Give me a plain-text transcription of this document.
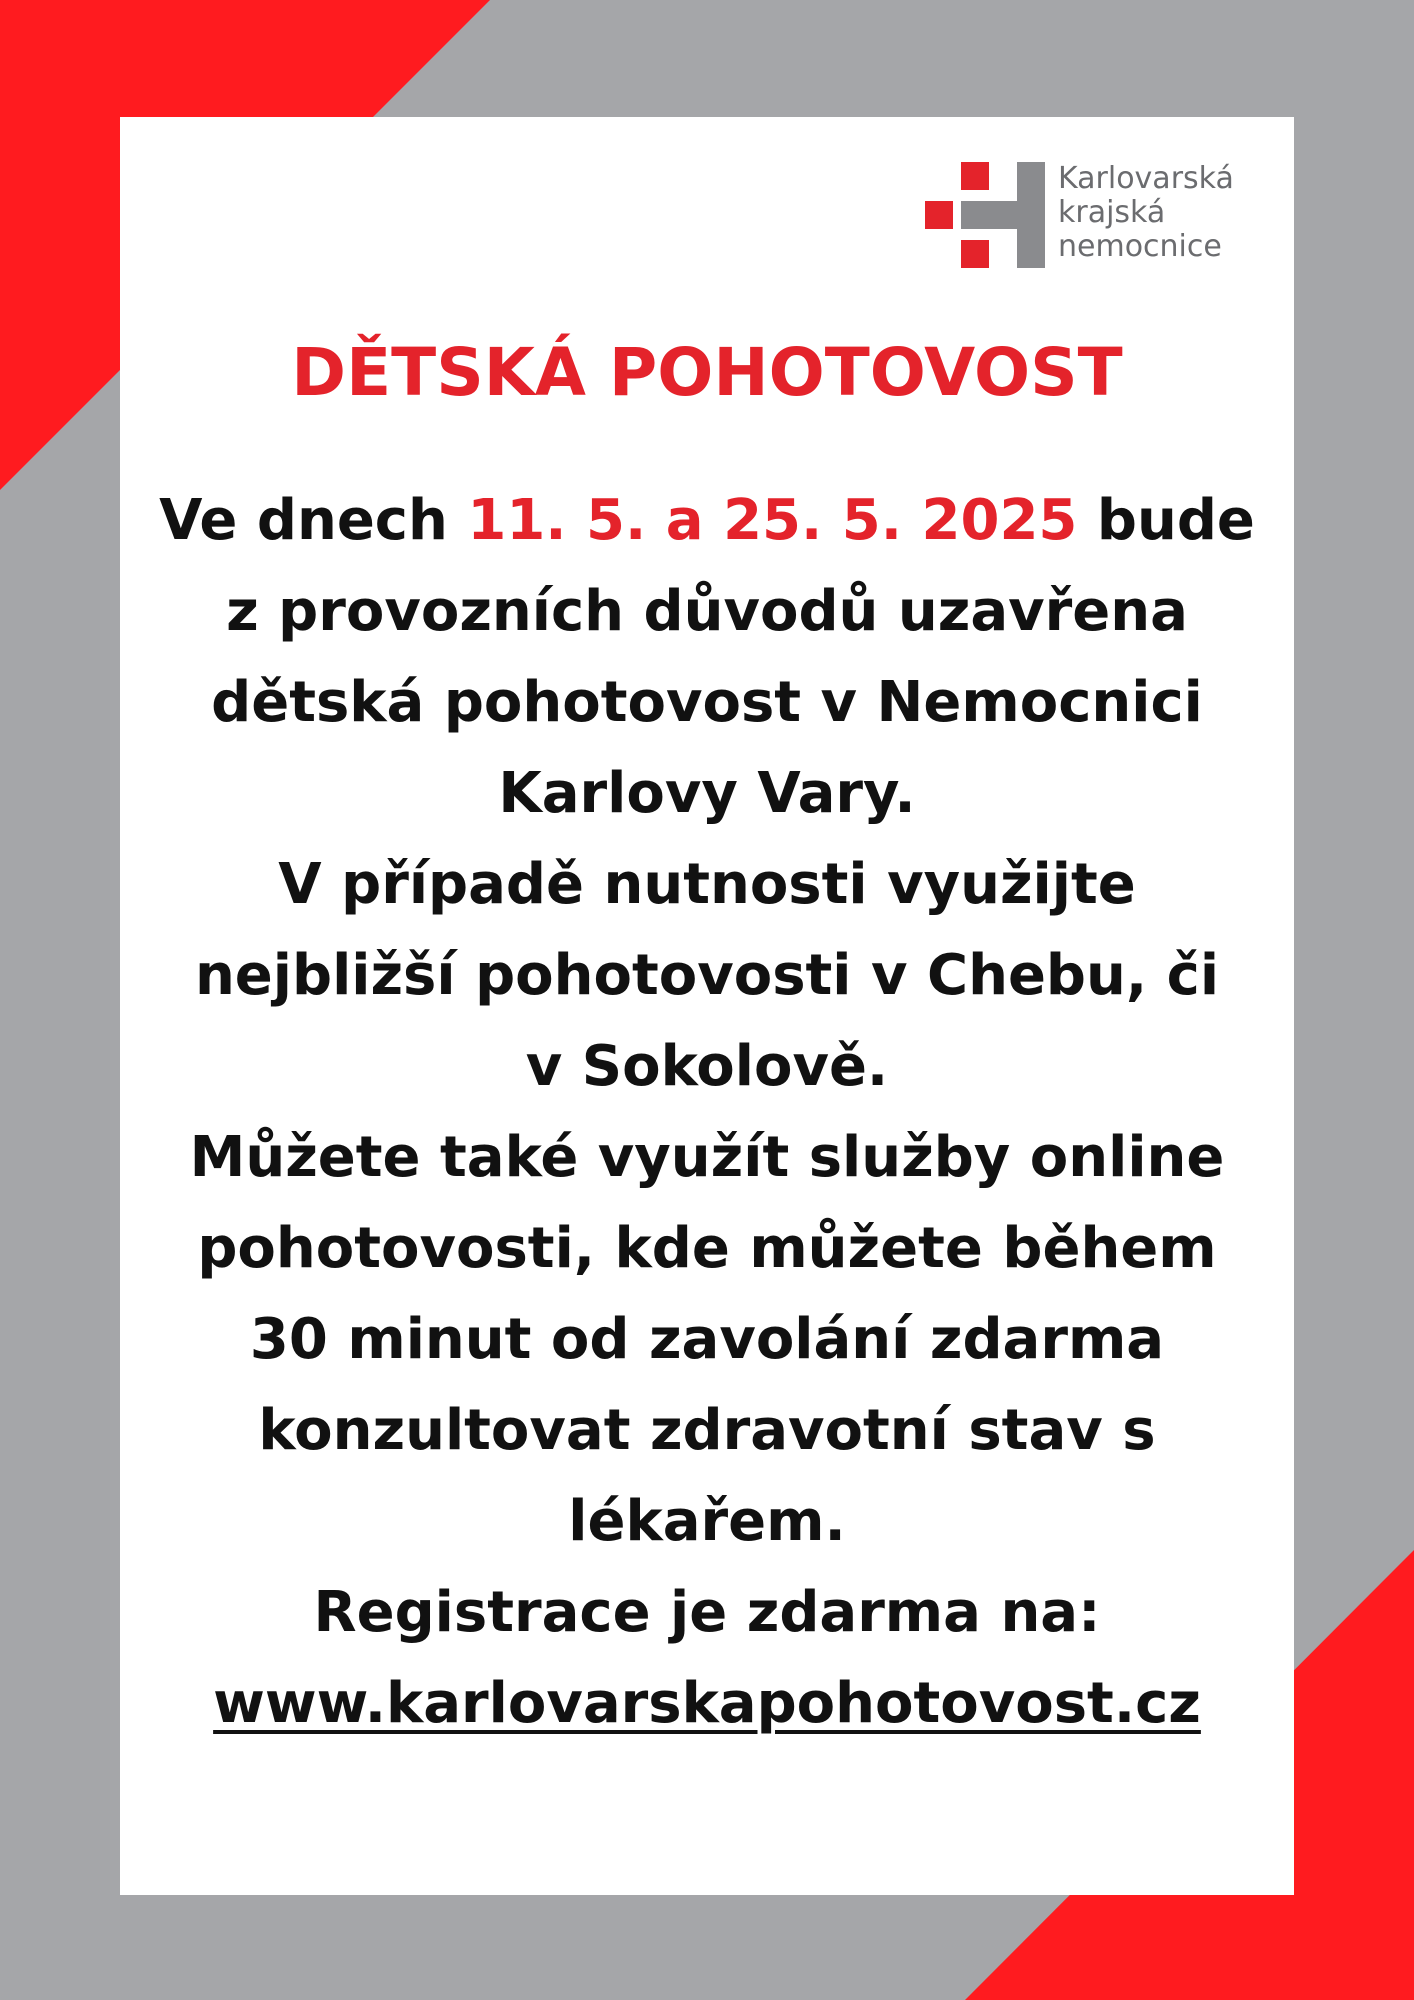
Karlovarská
krajská
nemocnice
DĚTSKÁ POHOTOVOST
Ve dnech 11. 5. a 25. 5. 2025 bude
z provozních důvodů uzavřena
dětská pohotovost v Nemocnici
Karlovy Vary.
V případě nutnosti využijte
nejbližší pohotovosti v Chebu, či
v Sokolově.
Můžete také využít služby online
pohotovosti, kde můžete během
30 minut od zavolání zdarma
konzultovat zdravotní stav s
lékařem.
Registrace je zdarma na:
www.karlovarskapohotovost.cz
